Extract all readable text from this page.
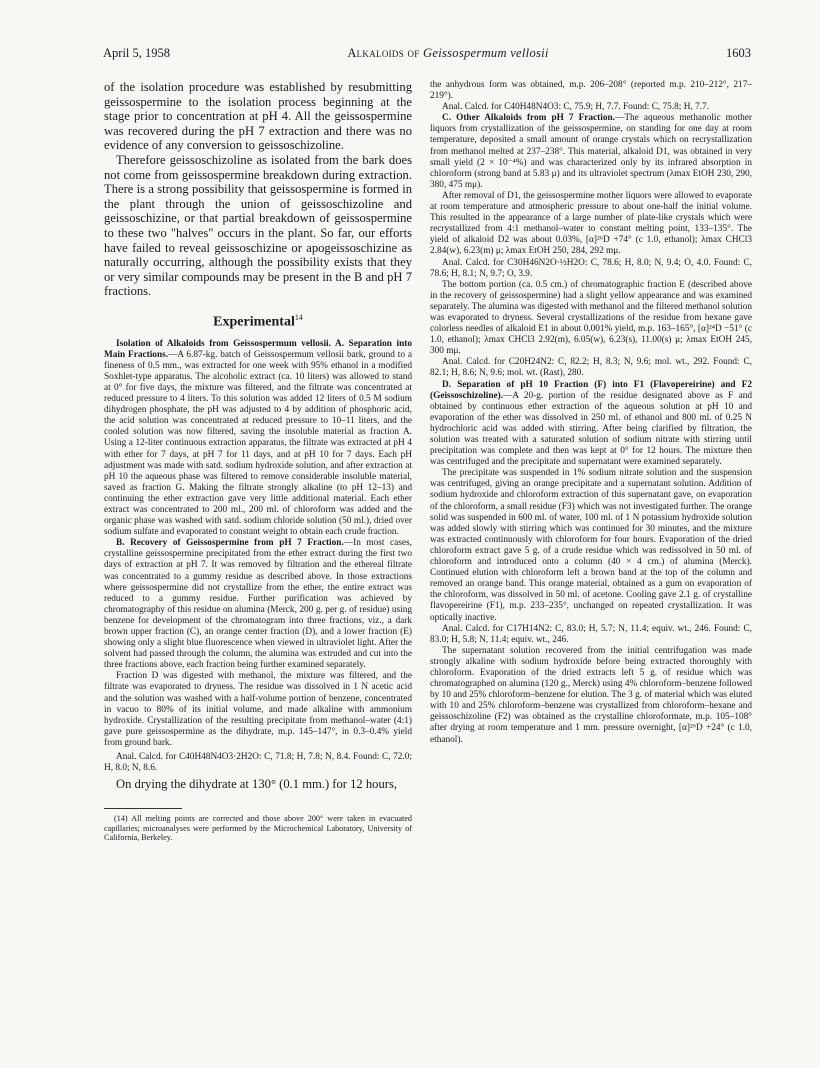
April 5, 1958	Alkaloids of Geissospermum vellosii	1603

of the isolation procedure was established by resubmitting geissospermine to the isolation process beginning at the stage prior to concentration at pH 4. All the geissospermine was recovered during the pH 7 extraction and there was no evidence of any conversion to geissoschizoline.

Therefore geissoschizoline as isolated from the bark does not come from geissospermine breakdown during extraction. There is a strong possibility that geissospermine is formed in the plant through the union of geissoschizoline and geissoschizine, or that partial breakdown of geissospermine to these two "halves" occurs in the plant. So far, our efforts have failed to reveal geissoschizine or apogeissoschizine as naturally occurring, although the possibility exists that they or very similar compounds may be present in the B and pH 7 fractions.

Experimental$^{14}$

Isolation of Alkaloids from Geissospermum vellosii. A. Separation into Main Fractions.—A 6.87-kg. batch of Geissospermum vellosii bark, ground to a fineness of 0.5 mm., was extracted for one week with 95% ethanol in a modified Soxhlet-type apparatus. The alcoholic extract (ca. 10 liters) was allowed to stand at 0° for five days, the mixture was filtered, and the filtrate was concentrated at reduced pressure to 4 liters. To this solution was added 12 liters of 0.5 M sodium dihydrogen phosphate, the pH was adjusted to 4 by addition of phosphoric acid, the acid solution was concentrated at reduced pressure to 10–11 liters, and the cooled solution was now filtered, saving the insoluble material as fraction A. Using a 12-liter continuous extraction apparatus, the filtrate was extracted at pH 4 with ether for 7 days, at pH 7 for 11 days, and at pH 10 for 7 days. Each pH adjustment was made with satd. sodium hydroxide solution, and after extraction at pH 10 the aqueous phase was filtered to remove considerable insoluble material, saved as fraction G. Making the filtrate strongly alkaline (to pH 12–13) and continuing the ether extraction gave very little additional material. Each ether extract was concentrated to 200 ml., 200 ml. of chloroform was added and the organic phase was washed with satd. sodium chloride solution (50 ml.), dried over sodium sulfate and evaporated to constant weight to obtain each crude fraction.

B. Recovery of Geissospermine from pH 7 Fraction.—In most cases, crystalline geissospermine precipitated from the ether extract during the first two days of extraction at pH 7. It was removed by filtration and the ethereal filtrate was concentrated to a gummy residue as described above. In those extractions where geissospermine did not crystallize from the ether, the entire extract was reduced to a gummy residue. Further purification was achieved by chromatography of this residue on alumina (Merck, 200 g. per g. of residue) using benzene for development of the chromatogram into three fractions, viz., a dark brown upper fraction (C), an orange center fraction (D), and a lower fraction (E) showing only a slight blue fluorescence when viewed in ultraviolet light. After the solvent had passed through the column, the alumina was extruded and cut into the three fractions above, each fraction being further examined separately.

Fraction D was digested with methanol, the mixture was filtered, and the filtrate was evaporated to dryness. The residue was dissolved in 1 N acetic acid and the solution was washed with a half-volume portion of benzene, concentrated in vacuo to 80% of its initial volume, and made alkaline with ammonium hydroxide. Crystallization of the resulting precipitate from methanol–water (4:1) gave pure geissospermine as the dihydrate, m.p. 145–147°, in 0.3–0.4% yield from ground bark.

Anal. Calcd. for C40H48N4O3·2H2O: C, 71.8; H, 7.8; N, 8.4. Found: C, 72.0; H, 8.0; N, 8.6.

On drying the dihydrate at 130° (0.1 mm.) for 12 hours,

(14) All melting points are corrected and those above 200° were taken in evacuated capillaries; microanalyses were performed by the Microchemical Laboratory, University of California, Berkeley.

the anhydrous form was obtained, m.p. 206–208° (reported m.p. 210–212°, 217–219°).

Anal. Calcd. for C40H48N4O3: C, 75.9; H, 7.7. Found: C, 75.8; H, 7.7.

C. Other Alkaloids from pH 7 Fraction.—The aqueous methanolic mother liquors from crystallization of the geissospermine, on standing for one day at room temperature, deposited a small amount of orange crystals which on recrystallization from methanol melted at 237–238°. This material, alkaloid D1, was obtained in very small yield (2 × 10⁻⁴%) and was characterized only by its infrared absorption in chloroform (strong band at 5.83 μ) and its ultraviolet spectrum (λmax EtOH 230, 290, 380, 475 mμ).

After removal of D1, the geissospermine mother liquors were allowed to evaporate at room temperature and atmospheric pressure to about one-half the initial volume. This resulted in the appearance of a large number of plate-like crystals which were recrystallized from 4:1 methanol–water to constant melting point, 133–135°. The yield of alkaloid D2 was about 0.03%, [α]²⁶D +74° (c 1.0, ethanol); λmax CHCl3 2.84(w), 6.23(m) μ; λmax EtOH 250, 284, 292 mμ.

Anal. Calcd. for C30H46N2O·½H2O: C, 78.6; H, 8.0; N, 9.4; O, 4.0. Found: C, 78.6; H, 8.1; N, 9.7; O, 3.9.

The bottom portion (ca. 0.5 cm.) of chromatographic fraction E (described above in the recovery of geissospermine) had a slight yellow appearance and was examined separately. The alumina was digested with methanol and the filtered methanol solution was evaporated to dryness. Several crystallizations of the residue from hexane gave colorless needles of alkaloid E1 in about 0.001% yield, m.p. 163–165°, [α]²⁴D −51° (c 1.0, ethanol); λmax CHCl3 2.92(m), 6.05(w), 6.23(s), 11.00(s) μ; λmax EtOH 245, 300 mμ.

Anal. Calcd. for C20H24N2: C, 82.2; H, 8.3; N, 9.6; mol. wt., 292. Found: C, 82.1; H, 8.6; N, 9.6; mol. wt. (Rast), 280.

D. Separation of pH 10 Fraction (F) into F1 (Flavopereirine) and F2 (Geissoschizoline).—A 20-g. portion of the residue designated above as F and obtained by continuous ether extraction of the aqueous solution at pH 10 and evaporation of the ether was dissolved in 250 ml. of ethanol and 800 ml. of 0.25 N hydrochloric acid was added with stirring. After being clarified by filtration, the solution was treated with a saturated solution of sodium nitrate with stirring until precipitation was complete and then was kept at 0° for 12 hours. The mixture then was centrifuged and the precipitate and supernatant were examined separately.

The precipitate was suspended in 1% sodium nitrate solution and the suspension was centrifuged, giving an orange precipitate and a supernatant solution. Addition of sodium hydroxide and chloroform extraction of this supernatant gave, on evaporation of the chloroform, a small residue (F3) which was not investigated further. The orange solid was suspended in 600 ml. of water, 100 ml. of 1 N potassium hydroxide solution was added slowly with stirring which was continued for 30 minutes, and the mixture was extracted continuously with chloroform for four hours. Evaporation of the dried chloroform extract gave 5 g. of a crude residue which was redissolved in 50 ml. of chloroform and introduced onto a column (40 × 4 cm.) of alumina (Merck). Continued elution with chloroform left a brown band at the top of the column and removed an orange band. This orange material, obtained as a gum on evaporation of the chloroform, was dissolved in 50 ml. of acetone. Cooling gave 2.1 g. of crystalline flavopereirine (F1), m.p. 233–235°, unchanged on repeated crystallization. It was optically inactive.

Anal. Calcd. for C17H14N2: C, 83.0; H, 5.7; N, 11.4; equiv. wt., 246. Found: C, 83.0; H, 5.8; N, 11.4; equiv. wt., 246.

The supernatant solution recovered from the initial centrifugation was made strongly alkaline with sodium hydroxide before being extracted thoroughly with chloroform. Evaporation of the dried extracts left 5 g. of residue which was chromatographed on alumina (120 g., Merck) using 4% chloroform–benzene followed by 10 and 25% chloroform–benzene for elution. The 3 g. of material which was eluted with 10 and 25% chloroform–benzene was crystallized from chloroform–hexane and geissoschizoline (F2) was obtained as the crystalline chloroformate, m.p. 105–108° after drying at room temperature and 1 mm. pressure overnight, [α]²⁶D +24° (c 1.0, ethanol).
